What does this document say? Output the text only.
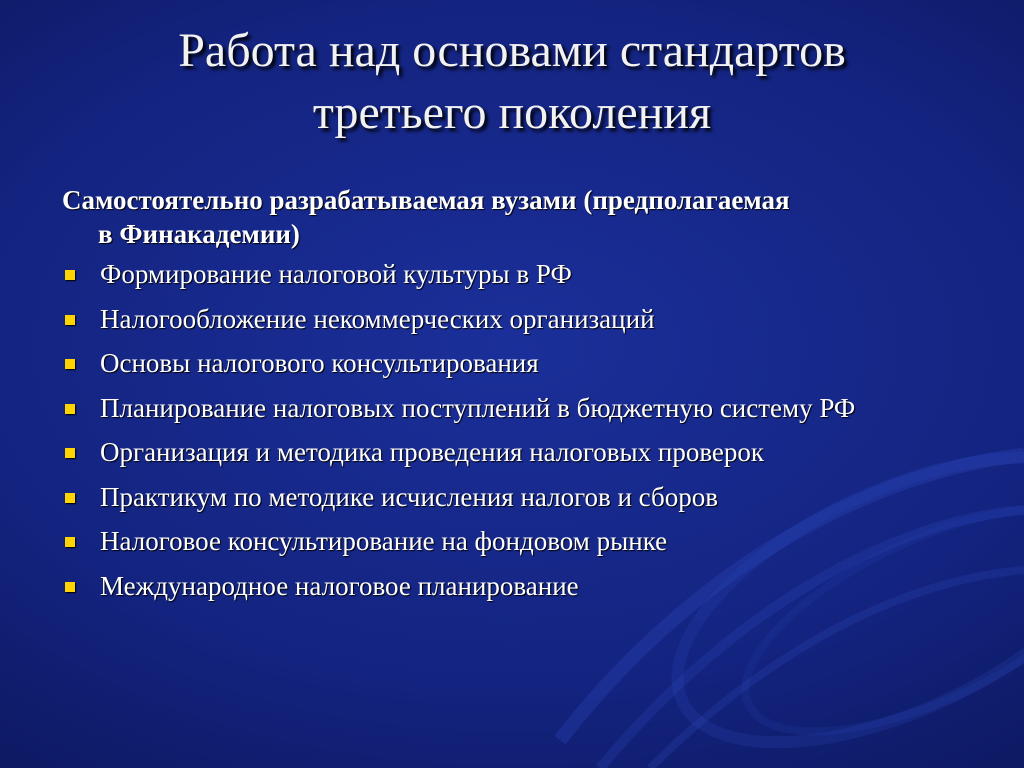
Работа над основами стандартов
третьего поколения
Самостоятельно разрабатываемая вузами (предполагаемая
в Финакадемии)
Формирование налоговой культуры в РФ
Налогообложение некоммерческих организаций
Основы налогового консультирования
Планирование налоговых поступлений в бюджетную систему РФ
Организация и методика проведения налоговых проверок
Практикум по методике исчисления налогов и сборов
Налоговое консультирование на фондовом рынке
Международное налоговое планирование
